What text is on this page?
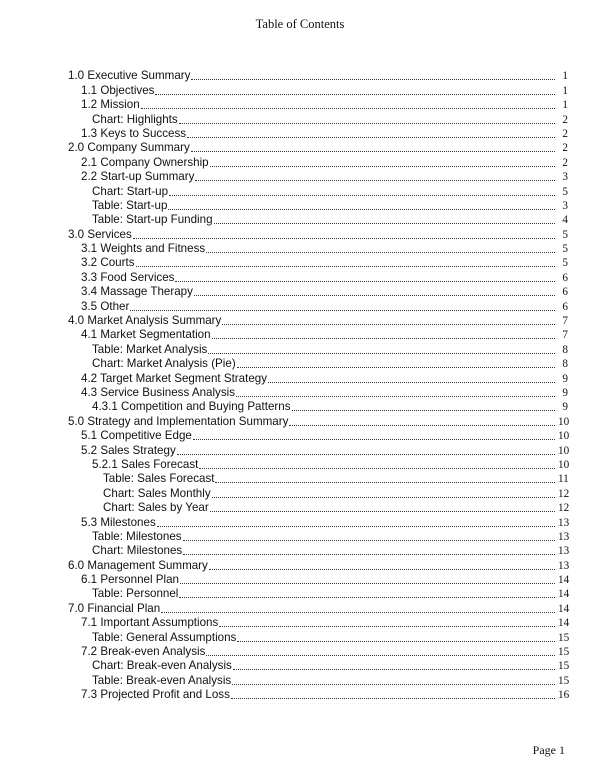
Table of Contents
1.0 Executive Summary	1
1.1 Objectives	1
1.2 Mission	1
Chart: Highlights	2
1.3 Keys to Success	2
2.0 Company Summary	2
2.1 Company Ownership	2
2.2 Start-up Summary	3
Chart: Start-up	5
Table: Start-up	3
Table: Start-up Funding	4
3.0 Services	5
3.1 Weights and Fitness	5
3.2 Courts	5
3.3 Food Services	6
3.4 Massage Therapy	6
3.5 Other	6
4.0 Market Analysis Summary	7
4.1 Market Segmentation	7
Table: Market Analysis	8
Chart: Market Analysis (Pie)	8
4.2 Target Market Segment Strategy	9
4.3 Service Business Analysis	9
4.3.1 Competition and Buying Patterns	9
5.0 Strategy and Implementation Summary	10
5.1 Competitive Edge	10
5.2 Sales Strategy	10
5.2.1 Sales Forecast	10
Table: Sales Forecast	11
Chart: Sales Monthly	12
Chart: Sales by Year	12
5.3 Milestones	13
Table: Milestones	13
Chart: Milestones	13
6.0 Management Summary	13
6.1 Personnel Plan	14
Table: Personnel	14
7.0 Financial Plan	14
7.1 Important Assumptions	14
Table: General Assumptions	15
7.2 Break-even Analysis	15
Chart: Break-even Analysis	15
Table: Break-even Analysis	15
7.3 Projected Profit and Loss	16
Page 1
